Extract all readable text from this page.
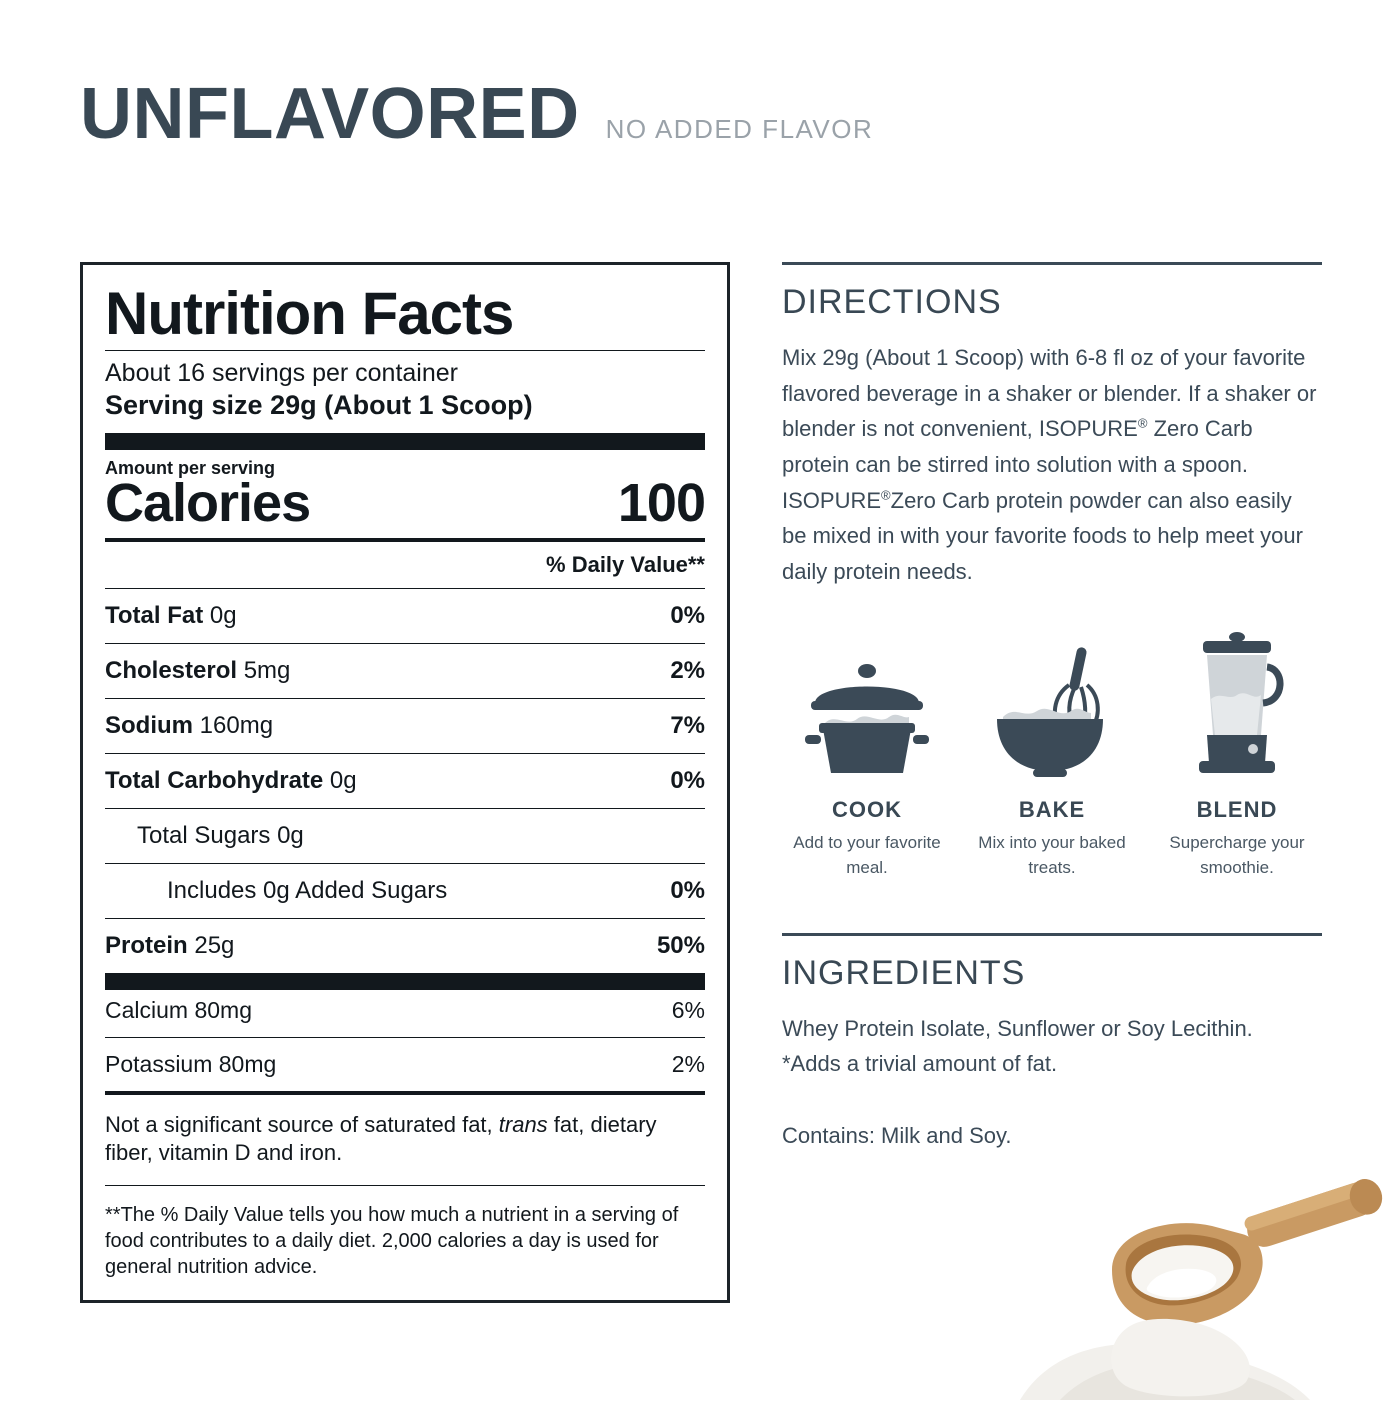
UNFLAVORED NO ADDED FLAVOR
Nutrition Facts
About 16 servings per container
Serving size 29g (About 1 Scoop)
Amount per serving
Calories	100
% Daily Value**
Total Fat 0g	0%
Cholesterol 5mg	2%
Sodium 160mg	7%
Total Carbohydrate 0g	0%
Total Sugars 0g
Includes 0g Added Sugars	0%
Protein 25g	50%
Calcium 80mg	6%
Potassium 80mg	2%
Not a significant source of saturated fat, trans fat, dietary fiber, vitamin D and iron.
**The % Daily Value tells you how much a nutrient in a serving of food contributes to a daily diet. 2,000 calories a day is used for general nutrition advice.
DIRECTIONS
Mix 29g (About 1 Scoop) with 6-8 fl oz of your favorite flavored beverage in a shaker or blender. If a shaker or blender is not convenient, ISOPURE® Zero Carb protein can be stirred into solution with a spoon. ISOPURE®Zero Carb protein powder can also easily be mixed in with your favorite foods to help meet your daily protein needs.
COOK
Add to your favorite meal.
BAKE
Mix into your baked treats.
BLEND
Supercharge your smoothie.
INGREDIENTS
Whey Protein Isolate, Sunflower or Soy Lecithin.
*Adds a trivial amount of fat.
Contains: Milk and Soy.
